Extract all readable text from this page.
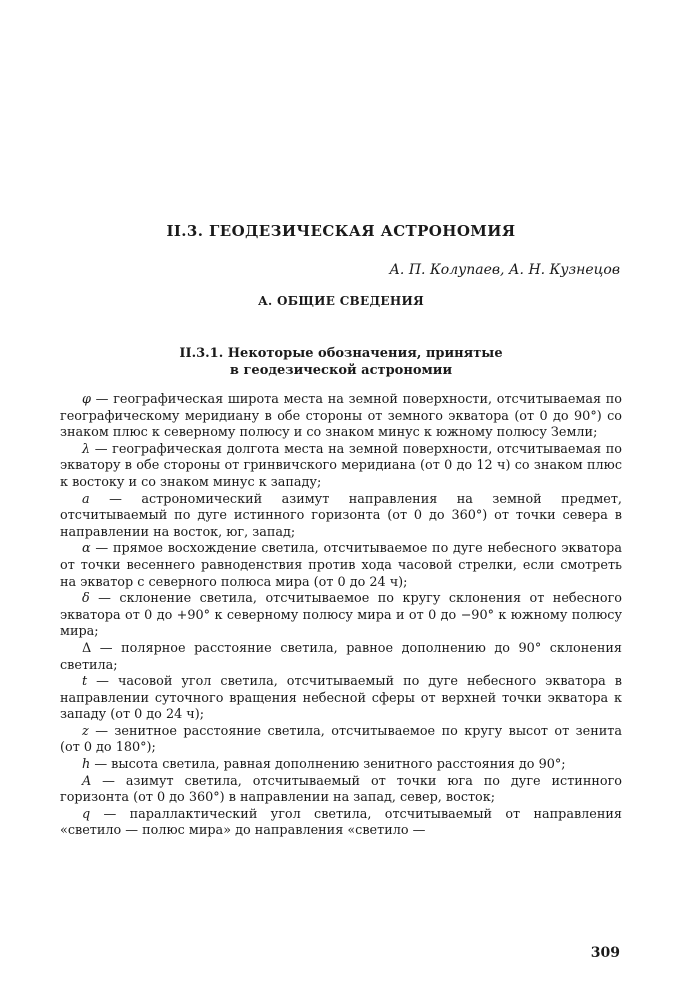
II.3. ГЕОДЕЗИЧЕСКАЯ АСТРОНОМИЯ

А. П. Колупаев, А. Н. Кузнецов

А. ОБЩИЕ СВЕДЕНИЯ
II.3.1. Некоторые обозначения, принятые
в геодезической астрономии

φ — географическая широта места на земной поверхности, отсчитываемая по географическому меридиану в обе стороны от земного экватора (от 0 до 90°) со знаком плюс к северному полюсу и со знаком минус к южному полюсу Земли;

λ — географическая долгота места на земной поверхности, отсчитываемая по экватору в обе стороны от гринвичского меридиана (от 0 до 12 ч) со знаком плюс к востоку и со знаком минус к западу;

a — астрономический азимут направления на земной предмет, отсчитываемый по дуге истинного горизонта (от 0 до 360°) от точки севера в направлении на восток, юг, запад;

α — прямое восхождение светила, отсчитываемое по дуге небесного экватора от точки весеннего равноденствия против хода часовой стрелки, если смотреть на экватор с северного полюса мира (от 0 до 24 ч);

δ — склонение светила, отсчитываемое по кругу склонения от небесного экватора от 0 до +90° к северному полюсу мира и от 0 до −90° к южному полюсу мира;

Δ — полярное расстояние светила, равное дополнению до 90° склонения светила;

t — часовой угол светила, отсчитываемый по дуге небесного экватора в направлении суточного вращения небесной сферы от верхней точки экватора к западу (от 0 до 24 ч);

z — зенитное расстояние светила, отсчитываемое по кругу высот от зенита (от 0 до 180°);

h — высота светила, равная дополнению зенитного расстояния до 90°;

A — азимут светила, отсчитываемый от точки юга по дуге истинного горизонта (от 0 до 360°) в направлении на запад, север, восток;

q — параллактический угол светила, отсчитываемый от направления «светило — полюс мира» до направления «светило —

309
